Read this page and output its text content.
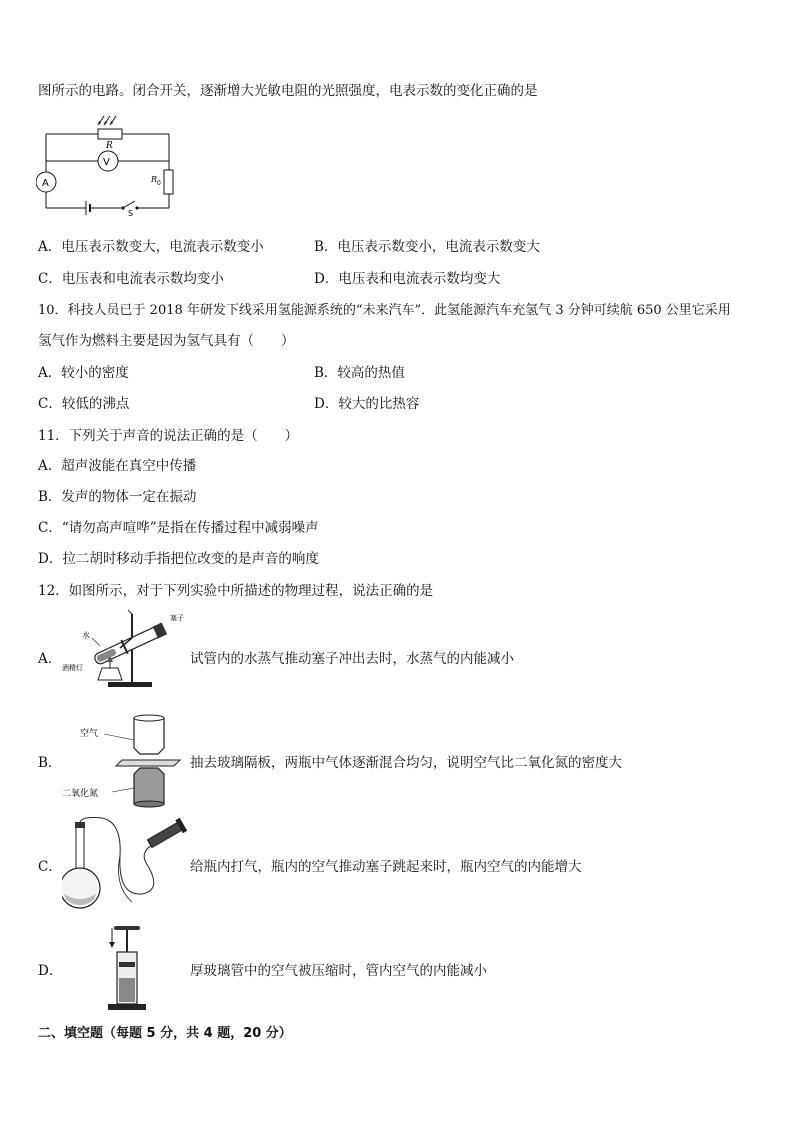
图所示的电路。闭合开关，逐渐增大光敏电阻的光照强度，电表示数的变化正确的是
R
V
A	R 0
S
A．电压表示数变大，电流表示数变小	B．电压表示数变小，电流表示数变大
C．电压表和电流表示数均变小	D．电压表和电流表示数均变大
10．科技人员已于 2018 年研发下线采用氢能源系统的“未来汽车”．此氢能源汽车充氢气 3 分钟可续航 650 公里它采用
氢气作为燃料主要是因为氢气具有（　　）
A．较小的密度	B．较高的热值
C．较低的沸点	D．较大的比热容
11．下列关于声音的说法正确的是（　　）
A．超声波能在真空中传播
B．发声的物体一定在振动
C．“请勿高声喧哗”是指在传播过程中减弱噪声
D．拉二胡时移动手指把位改变的是声音的响度
12．如图所示，对于下列实验中所描述的物理过程，说法正确的是
A．
水
酒精灯
塞子
试管内的水蒸气推动塞子冲出去时，水蒸气的内能减小
B．
空气
二氧化氮
抽去玻璃隔板，两瓶中气体逐渐混合均匀，说明空气比二氧化氮的密度大
C．	给瓶内打气，瓶内的空气推动塞子跳起来时，瓶内空气的内能增大
D．	厚玻璃管中的空气被压缩时，管内空气的内能减小
二、填空题（每题 5 分，共 4 题，20 分）
